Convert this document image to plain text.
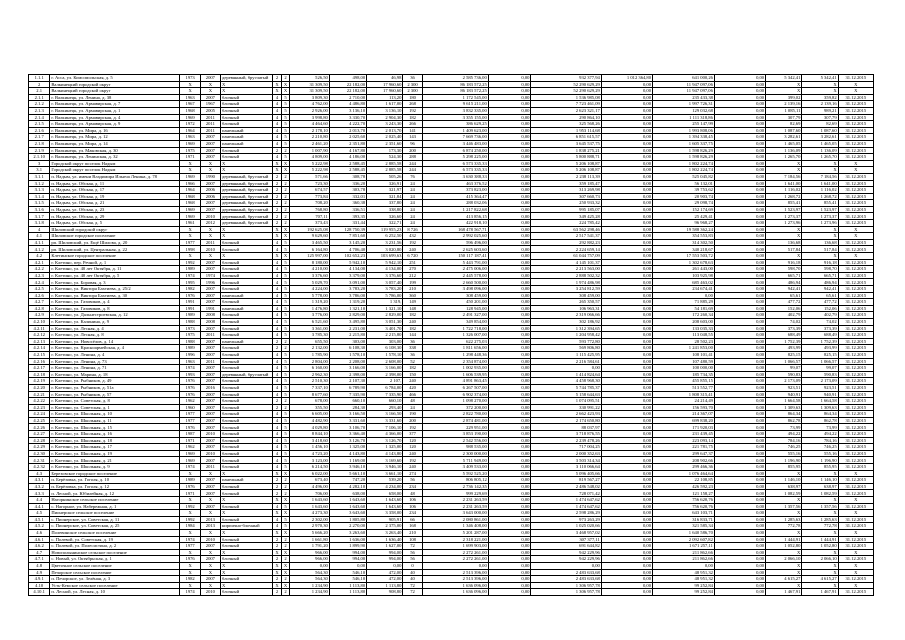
1.1.1	г. Асса, ул. Комсомольская, д. 5	1973	2007	деревянный, брусчатый	2	2	526,50	498,00	46,98	36	2 585 736,00	0,00	932 377,94	1 012 364,80	641 000,26	0,00	5 342,41	5 342,41	31.12.2015
2	Валкинецкий городской округ	X	X	X	X	X	31 309,50	22 182,00	17 960,60	2 300	86 183 572,25	0,00	52 290 629,29	0,00	11 947 097,06	0,00	X	X	X
2.1	Валкинецкий городской округ	X	X	X	X	X	31 309,50	22 182,00	17 960,60	2 300	86 183 572,25	0,00	52 290 629,29	0,00	11 947 097,06	0,00	X	X	X
2.1.1	г. Валкинецк, ул. Ленина, д. 38	1963	2007	блочный	4	5	3 809,30	2 710,00	113,20	180	1 172 545,00	0,00	1 536 985,08	0,00	235 433,38	0,00	399,02	359,82	31.12.2015
2.1.2	г. Валкинецк, ул. Армавирская, д. 7	1967	1967	блочный	4	5	4 762,00	4 486,80	1 617,00	268	9 615 211,00	0,00	7 723 461,09	0,00	1 997 726,31	0,00	2 139,16	2 139,16	31.12.2015
2.1.3	г. Валкинецк, ул. Армавирская, д. 1	1968	2005	блочный	4	5	2 926,00	3 136,10	3 136,10	192	3 832 335,00	0,00	2 623 321,17	0,00	129 032,68	0,00	1 085,11	989,21	31.12.2015
2.1.4	г. Валкинецк, ул. Армавирская, д. 4	1969	2011	блочный	4	5	3 998,80	3 330,70	2 904,30	182	3 355 155,00	0,00	290 864,10	0,00	1 111 318,86	0,00	307,79	307,79	31.12.2015
2.1.5	г. Валкинецк, ул. Армавирская, д. 9	1972	2011	блочный	4	5	4 464,60	4 222,70	3 243,30	266	386 629,25	0,00	325 568,26	0,00	255 147,99	0,00	82,69	82,69	31.12.2015
2.1.6	г. Валкинецк, ул. Мира, д. 16	1964	2011	панельный	4	5	2 178,10	2 013,70	2 013,70	141	1 409 623,00	0,00	1 953 114,68	0,00	1 993 808,06	0,00	1 087,60	1 087,60	31.12.2015
2.1.7	г. Валкинецк, ул. Мира, д. 12	1963	2007	панельный	4	5	2 210,80	2 025,60	2 025,40	143	7 669 736,00	0,00	6 851 615,57	0,00	1 394 338,45	0,00	3 282,61	3 282,61	31.12.2015
2.1.8	г. Валкинецк, ул. Мира, д. 14	1969	2007	панельный	4	5	2 461,20	2 351,80	2 351,60	96	3 446 483,00	0,00	3 645 537,75	0,00	1 605 337,75	0,00	1 465,05	1 465,05	31.12.2015
2.1.9	г. Валкинецк, ул. Маковская, д. 30	1975	2007	блочный	2	2	1 007,90	4 167,80	173,30	200	6 874 250,00	0,00	1 838 275,21	0,00	1 598 826,29	0,00	1 136,09	1 136,09	31.12.2015
2.1.10	г. Валкинецк, ул. Ленинская, д. 32	1971	2007	блочный	4	5	4 809,00	4 186,00	524,30	288	5 298 225,00	0,00	5 800 888,71	0,00	1 598 826,29	0,00	1 265,70	1 265,70	31.12.2015
3	Городской округ поселок Надым	X	X	X	X	X	5 222,98	2 588,45	2 885,58	244	6 573 335,33	0,00	5 206 108,87	0,00	1 802 224,74	0,00	X	X	X
3.1	Городской округ поселок Надым	X	X	X	X	X	5 222,98	2 588,45	2 885,58	244	6 573 335,33	0,00	5 206 108,87	0,00	1 802 224,74	0,00	X	X	X
3.1.1	п. Надым, ул. имени Владимира Ильича Ленина, д. 78	1969	1990	деревянный, брусчатый	2	2	571,66	308,78	505,26	76	3 630 388,33	0,00	2 238 113,39	0,00	525 045,82	0,00	7 184,56	7 184,56	31.12.2015
3.1.2	п. Надым, ул. Обская, д. 11	1966	2007	деревянный, брусчатый	2	2	723,30	336,20	326,91	24	463 376,52	0,00	359 185,47	0,00	56 132,01	0,00	1 641,00	1 641,00	31.12.2015
3.1.3	п. Надым, ул. Обская, д. 17	1964	2006	деревянный, брусчатый	2	2	674,57	303,78	321,97	24	373 823,00	0,00	313 269,98	0,00	39 753,62	0,00	1 116,02	1 116,02	31.12.2015
3.1.4	п. Надым, ул. Обская, д. 19	1968	2006	деревянный, брусчатый	2	2	773,84	332,01	321,84	24	415 364,47	0,00	307 660,73	0,00	20 903,74	0,00	1 268,72	1 268,72	31.12.2015
3.1.5	п. Надым, ул. Обская, д. 21	1968	2007	деревянный, брусчатый	2	2	708,20	360,38	337,80	24	288 032,06	0,00	250 933,32	0,00	29 098,74	0,00	855,41	855,41	31.12.2015
3.1.6	п. Надым, ул. Обская, д. 23	1969	2007	деревянный, брусчатый	2	2	768,80	336,51	338,80	24	1 217 822,68	0,00	995 185,07	0,00	152 174,69	0,00	1 523,97	1 523,97	31.12.2015
3.1.7	п. Надым, ул. Обская, д. 29	1969	2010	деревянный, брусчатый	2	2	707,11	393,35	326,60	24	413 856,15	0,00	349 425,28	0,00	25 429,41	0,00	1 273,37	1 273,37	31.12.2015
3.1.8	п. Надым, ул. Обская, д. 5	1961	2012	деревянный, брусчатый	2	2	373,43	331,44	322,71	24	422 918,10	0,00	224 785,42	0,00	96 968,27	0,00	1 273,96	1 273,96	31.12.2015
4	Шиловский городской округ	X	X	X	X	X	192 625,08	128 750,39	119 955,23	8 726	168 478 567,71	0,00	63 562 298,46	0,00	19 588 362,24	0,00	X	X	X
4.1	Шиловское городское поселение	X	X	X	X	X	9 629,60	7 851,60	6 252,50	432	2 992 025,60	0,00	2 517 541,37	0,00	354 553,83	0,00	X	X	X
4.1.1	рп. Шиловский, ул. Ещё Шилова, д. 20	1977	2011	блочный	4	5	3 465,50	3 145,20	3 231,56	192	596 496,00	0,00	292 882,23	0,00	314 302,50	0,00	136,68	136,68	31.12.2015
4.1.2	рп. Шиловский, ул. Центральная, д. 22	1998	2010	блочный	4	5	6 164,80	4 706,40	3 020,80	240	2 625 603,60	0,00	2 224 659,14	0,00	340 218,67	0,00	517,84	517,84	31.12.2015
4.2	Клетинское городское поселение	X	X	X	X	X	125 997,00	102 652,23	103 699,63	6 720	150 117 187,41	0,00	61 044 757,09	0,00	17 553 503,72	0,00	X	X	X
4.2.1	г. Клетино, пер. Речной, д. 1	1992	2007	блочный	4	5	8 180,00	5 942,10	5 942,10	251	5 443 791,00	0,00	4 145 101,37	0,00	1 302 678,63	0,00	916,18	916,18	31.12.2015
4.2.2	г. Клетино, ул. 40 лет Октября, д. 11	1989	2007	блочный	4	5	4 210,00	4 134,00	4 134,00	270	2 475 006,00	0,00	2 213 563,00	0,00	261 443,00	0,00	598,70	598,70	31.12.2015
4.2.3	г. Клетино, ул. 40 лет Октября, д. 5	1974	1974	блочный	4	5	3 376,60	3 379,00	3 376,60	212	2 445 578,00	0,00	2 888 502,32	0,00	103 925,98	0,00	665,71	665,71	31.12.2015
4.2.4	г. Клетино, ул. Боровая, д. 3	1995	1996	блочный	4	5	5 029,70	3 091,00	3 057,40	199	2 660 500,00	0,00	1 974 486,98	0,00	685 463,02	0,00	486,94	486,94	31.12.2015
4.2.5	г. Клетино, ул. Виктора Бахтиева, д. 25/2	1982	2007	блочный	4	5	4 224,00	3 783,20	3 783,20	210	3 498 096,00	0,00	3 254 812,59	0,00	234 674,41	0,00	942,41	942,41	31.12.2015
4.2.6	г. Клетино, ул. Виктора Бахтиева, д. 30	1976	2007	панельный	4	5	5 778,00	3 786,00	5 786,00	360	308 459,00	0,00	308 459,00	0,00	0,00	0,00	65,61	65,61	31.12.2015
4.2.7	г. Клетино, ул. Газовиков, д. 4	1991	2007	блочный	4	5	1 319,20	1 319,20	1 319,	149	450 201,00	0,00	265 350,57	0,00	71 885,29	0,00	477,72	477,72	31.12.2015
4.2.8	г. Клетино, ул. Газовиков, д. 8	1991	1991	панельный	4	5	1 476,80	1 321,10	1 321,10	148	128 945,00	0,00	106 963,31	0,00	54 181,69	0,00	152,06	152,06	31.12.2015
4.2.9	г. Клетино, ул. Дальнестроевская, д. 12	1989	2008	блочный	4	5	3 776,00	2 829,00	2 829,00	182	2 491 327,00	0,00	2 319 066,66	0,00	172 260,34	0,00	402,79	402,79	31.12.2015
4.2.10	г. Клетино, ул. Калинина, д. 9	1988	2008	блочный	4	5	6 521,60	3 495,80	3 051,30	240	349 854,00	0,00	302 186,92	0,00	208 603,00	0,00	74,02	74,02	31.12.2015
4.2.11	г. Клетино, ул. Лесная, д. 4	1973	2007	блочный	4	5	3 361,00	2 231,00	3 401,70	182	1 722 718,00	0,00	1 312 394,65	0,00	133 035,33	0,00	373,39	373,39	31.12.2015
4.2.12	г. Клетино, ул. Лесная, д. 8	1975	2011	блочный	4	5	3 785,30	2 215,80	2 215,80	144	1 326 007,00	0,00	1 204 958,42	0,00	113 048,55	0,00	688,49	688,49	31.12.2015
4.2.13	г. Клетино, ул. Новосёлов, д. 14	1988	2007	панельный	2	2	655,50	303,00	303,00	36	622 275,03	0,00	593 772,80	0,00	28 502,23	0,00	1 752,39	1 752,39	31.12.2015
4.2.14	г. Клетино, ул. Красноармейская, д. 4	1989	2007	блочный	2	2	2 132,00	6 108,30	6 108,30	338	1 811 656,00	0,00	569 806,80	0,00	1 241 853,00	0,00	493,99	493,99	31.12.2015
4.2.15	г. Клетино, ул. Ленина, д. 4	1996	2007	блочный	4	5	1 785,90	1 578,10	1 578,10	36	1 298 448,36	0,00	1 115 425,95	0,00	108 101,41	0,00	825,15	825,15	31.12.2015
4.2.16	г. Клетино, ул. Ленина, д. 73	1963	2011	блочный	4	5	2 804,00	2 208,00	2 608,00	52	2 354 874,00	0,00	2 216 584,61	0,00	107 480,59	0,00	1 066,57	1 066,57	31.12.2015
4.2.17	г. Клетино, ул. Ленина, д. 71	1974	2007	блочный	4	5	6 160,00	3 166,00	3 166,00	182	1 002 935,00	0,00	0,00	0,00	100 000,00	0,00	99,07	99,07	31.12.2015
4.2.18	г. Клетино, ул. Марина, д. 18	1993	2007	деревянный, брусчатый	4	5	2 962,30	2 398,00	2 398,00	150	1 606 539,95	0,00	1 414 824,64	0,00	185 734,35	0,00	590,83	590,83	31.12.2015
4.2.19	г. Клетино, ул. Рыбников, д. 49	1976	2007	блочный	4	5	2 510,30	2 107,30	2 107,	240	4 891 863,45	0,00	4 458 968,30	0,00	455 855,15	0,00	2 173,09	2 173,09	31.12.2015
4.2.20	г. Клетино, ул. Рыбников, д. 51а	1976	2016	блочный	4	5	7 337,10	6 789,90	6 784,00	420	6 267 507,00	0,00	5 744 785,37	0,00	513 552,77	0,00	923,51	923,51	31.12.2015
4.2.21	г. Клетино, ул. Рыбников, д. 57	1976	2007	блочный	4	5	8 677,60	7 335,90	7 335,90	466	6 902 374,00	0,00	5 158 644,63	0,00	1 808 315,41	0,00	940,91	940,91	31.12.2015
4.2.22	г. Клетино, ул. Советская, д. 8	1962	2007	блочный	2	2	678,00	660,10	660,10	48	1 098 270,00	0,00	1 074 095,51	0,00	24 214,49	0,00	1 664,58	1 664,58	31.12.2015
4.2.23	г. Клетино, ул. Советская, д. 1	1960	2007	блочный	2	2	355,50	284,30	293,40	24	372 200,00	0,00	330 991,22	0,00	156 593,70	0,00	1 309,63	1 309,63	31.12.2015
4.2.24	г. Клетино, ул. Школьная, д. 10	1977	2007	блочный	4	5	6 605,00	3 166,50	3 166,50	190	2 822 780,00	0,00	2 662 423,93	0,00	214 367,07	0,00	864,34	864,34	31.12.2015
4.2.25	г. Клетино, ул. Школьная, д. 11	1977	2007	блочный	4	5	4 482,90	3 331,60	3 331,60	200	2 874 481,00	0,00	2 174 650,80	0,00	699 838,20	0,00	862,78	862,78	31.12.2015
4.2.26	г. Клетино, ул. Школьная, д. 15	1976	2007	блочный	4	5	4 029,80	3 106,70	7 106,10	192	229 951,00	0,00	88 037,97	0,00	171 920,03	0,00	73,99	73,99	31.12.2015
4.2.27	г. Клетино, ул. Школьная, д. 16	1987	2010	блочный	4	5	8 844,10	3 366,40	4 366,00	377	3 853 190,00	0,00	3 718 876,55	0,00	231 439,45	0,00	494,22	494,22	31.12.2015
4.2.28	г. Клетино, ул. Школьная, д. 18	1971	2007	блочный	4	5	3 418,60	3 126,70	3 126,70	120	2 542 556,00	0,00	2 239 478,26	0,00	223 093,14	0,00	784,16	784,16	31.12.2015
4.2.29	г. Клетино, ул. Школьная, д. 17	1962	2007	блочный	4	5	1 456,10	1 325,00	1 325,00	120	988 535,00	0,00	717 004,25	0,00	221 781,75	0,00	746,25	746,25	31.12.2015
4.2.30	г. Клетино, ул. Школьная, д. 19	1969	2010	блочный	4	5	4 723,20	4 143,80	4 143,80	240	2 300 000,00	0,00	2 000 352,63	0,00	299 647,37	0,00	555,16	555,16	31.12.2015
4.2.31	г. Клетино, ул. Школьная, д. 21	1969	2007	блочный	4	5	3 123,00	1 169,00	3 169,60	192	5 711 949,00	0,00	3 503 314,34	0,00	208 902,66	0,00	1 196,90	1 196,90	31.12.2015
4.2.32	г. Клетино, ул. Школьная, д. 9	1974	2011	блочный	4	5	6 214,50	3 946,10	3 946,10	240	3 409 533,00	0,00	3 110 066,64	0,00	299 466,36	0,00	855,95	855,95	31.12.2015
4.3	Березовское городское поселение	X	X	X	X	X	6 022,00	5 661,10	3 661,10	274	5 592 525,20	0,00	5 096 405,66	0,00	1 076 464,64	0,00	X	X	X
4.3.1	п. Берёзовка, ул. Гоголя, д. 10	1989	2007	панельный	2	2	673,40	747,20	539,20	56	806 805,12	0,00	819 567,27	0,00	22 108,85	0,00	1 146,10	1 146,10	31.12.2015
4.3.2	п. Берёзовка, ул. Гоголя, д. 12	1976	2007	блочный	2	2	4 496,00	4 282,10	4 234,00	234	2 736 142,35	0,00	2 486 548,02	0,00	426 592,23	0,00	638,97	638,97	31.12.2015
4.3.3	п. Лесной, ул. Юбилейная, д. 12	1971	2007	блочный	2	2	706,00	638,00	658,00	48	999 229,69	0,00	728 071,42	0,00	121 158,27	0,00	1 082,59	1 082,59	31.12.2015
4.4	Нагорнинское сельское поселение	X	X	X	X	X	1 643,60	1 643,60	1 643,60	106	2 231 263,59	0,00	1 474 647,62	0,00	756 620,76	0,00	X	X	X
4.4.1	с. Нагорное, ул. Набережная, д. 1	1992	2007	блочный	4	5	1 643,60	1 643,60	1 643,60	106	2 231 263,59	0,00	1 474 647,62	0,00	756 620,76	0,00	1 357,56	1 357,56	31.12.2015
4.5	Пионерское сельское поселение	X	X	X	X	X	4 273,30	3 643,60	3 358,00	234	3 643 000,00	0,00	2 598 286,29	0,00	643 103,71	0,00	X	X	X
4.5.1	с. Пионерское, ул. Советская, д. 11	1992	2013	блочный	4	5	2 302,00	1 805,80	905,91	66	2 080 861,00	0,00	973 263,29	0,00	316 833,71	0,00	1 285,63	1 285,63	31.12.2015
4.5.2	с. Пионерское, ул. Советская, д. 25	1984	2013	кирпично-блочный	4	5	2 970,30	2 270,00	2 375,00	168	1 346 408,00	0,00	1 025 020,66	0,00	321 585,34	0,00	772,78	772,78	31.12.2015
4.6	Полевинское сельское поселение	X	X	X	X	X	5 666,20	3 263,60	3 263,40	210	5 201 287,00	0,00	3 468 957,02	0,00	1 640 586,70	0,00	X	X	X
4.6.1	с. Полевой, ул. Советская, д. 19	1974	2010	блочный	2	2	1 661,80	1 636,00	1 636,40	108	2 318 221,00	0,00	307 377,11	0,00	2 092 607,82	0,00	1 444,91	1 444,91	31.12.2015
4.6.2	с. Полевой, ул. Полесистина, д. 2	1977	2007	блочный	2	2	1 791,20	1 899,90	1 627,00	72	1 699 903,00	0,00	691 644,82	0,00	1 671 257,11	0,00	1 052,80	1 052,80	31.12.2015
4.7	Новополынинское сельское поселение	X	X	X	X	X	966,00	994,00	994,00	56	2 272 261,00	0,00	942 229,96	0,00	211 862,66	0,00	X	X	X
4.7.1	с. Новый, ул. Октябрьская, д. 1	1976	2007	блочный	2	2	966,00	994,00	994,00	56	2 272 261,00	0,00	942 229,96	0,00	211 862,66	0,00	2 066,10	2 066,10	31.12.2015
4.8	Цветочное сельское поселение	X	X	X	X	X	0,00	0,00	0,00	0	0,00	0,00	0,00	0,00	0,00	0,00	X	X	X
4.9	Печорское сельское поселение	X	X	X	X	X	564,30	546,10	472,00	40	2 513 396,00	0,00	2 483 633,68	0,00	48 951,32	0,00	X	X	X
4.9.1	п. Печорское, ул. Зелёная, д. 3	1982	2007	блочный	2	2	564,30	546,10	472,00	40	2 513 396,00	0,00	2 483 633,68	0,00	48 951,32	0,00	4 615,27	4 615,27	31.12.2015
4.10	Усть-Кемское сельское поселение	X	X	X	X	X	1 234,90	1 113,80	1 113,80	72	1 636 096,00	0,00	1 306 957,78	0,00	99 252,84	0,00	X	X	X
4.10.1	п. Лесной, ул. Лесная, д. 10	1974	2010	блочный	2	2	1 234,90	1 113,80	908,80	72	1 636 096,00	0,00	1 306 957,78	0,00	99 252,84	0,00	1 467,91	1 467,91	31.12.2015
